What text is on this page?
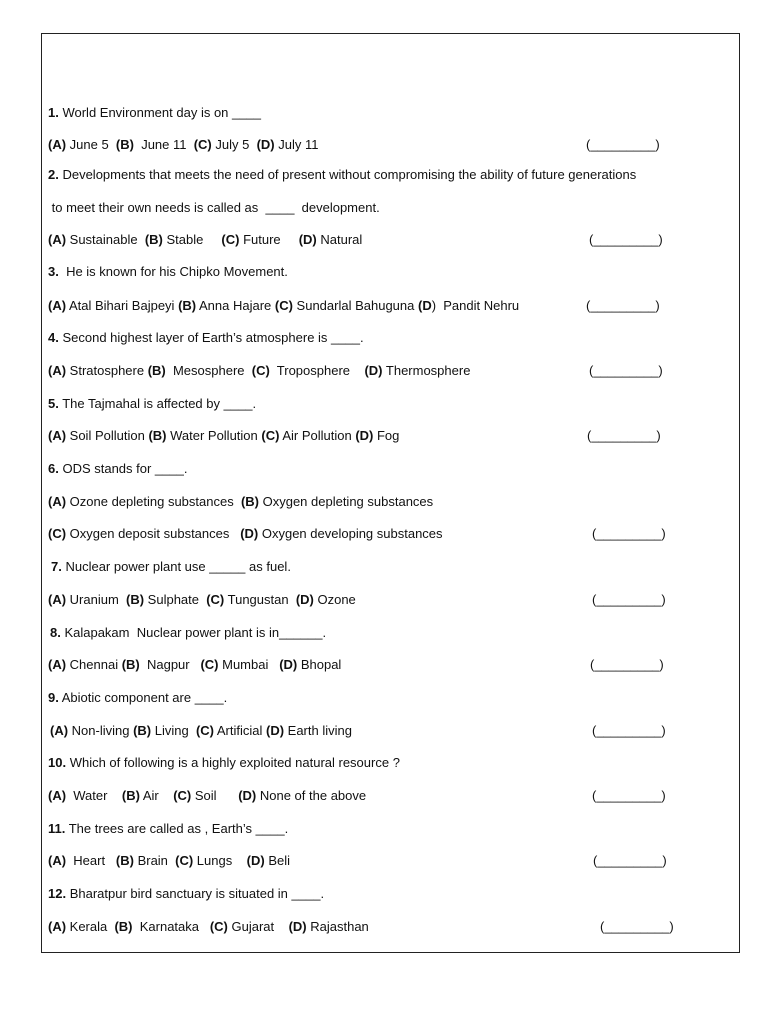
1. World Environment day is on ____
(A) June 5  (B)  June 11  (C) July 5  (D) July 11	(_________)
2. Developments that meets the need of present without compromising the ability of future generations
to meet their own needs is called as  ____  development.
(A) Sustainable  (B) Stable     (C) Future     (D) Natural	(_________)
3.  He is known for his Chipko Movement.
(A) Atal Bihari Bajpeyi (B) Anna Hajare (C) Sundarlal Bahuguna (D)  Pandit Nehru	(_________)
4. Second highest layer of Earth’s atmosphere is ____.
(A) Stratosphere (B)  Mesosphere  (C)  Troposphere    (D) Thermosphere	(_________)
5. The Tajmahal is affected by ____.
(A) Soil Pollution (B) Water Pollution (C) Air Pollution (D) Fog	(_________)
6. ODS stands for ____.
(A) Ozone depleting substances  (B) Oxygen depleting substances
(C) Oxygen deposit substances   (D) Oxygen developing substances	(_________)
7. Nuclear power plant use _____ as fuel.
(A) Uranium  (B) Sulphate  (C) Tungustan  (D) Ozone	(_________)
8. Kalapakam  Nuclear power plant is in______.
(A) Chennai (B)  Nagpur   (C) Mumbai   (D) Bhopal	(_________)
9. Abiotic component are ____.
(A) Non-living (B) Living  (C) Artificial (D) Earth living	(_________)
10. Which of following is a highly exploited natural resource ?
(A)  Water    (B) Air    (C) Soil      (D) None of the above	(_________)
11. The trees are called as , Earth’s ____.
(A)  Heart   (B) Brain  (C) Lungs    (D) Beli	(_________)
12. Bharatpur bird sanctuary is situated in ____.
(A) Kerala  (B)  Karnataka   (C) Gujarat    (D) Rajasthan	(_________)
